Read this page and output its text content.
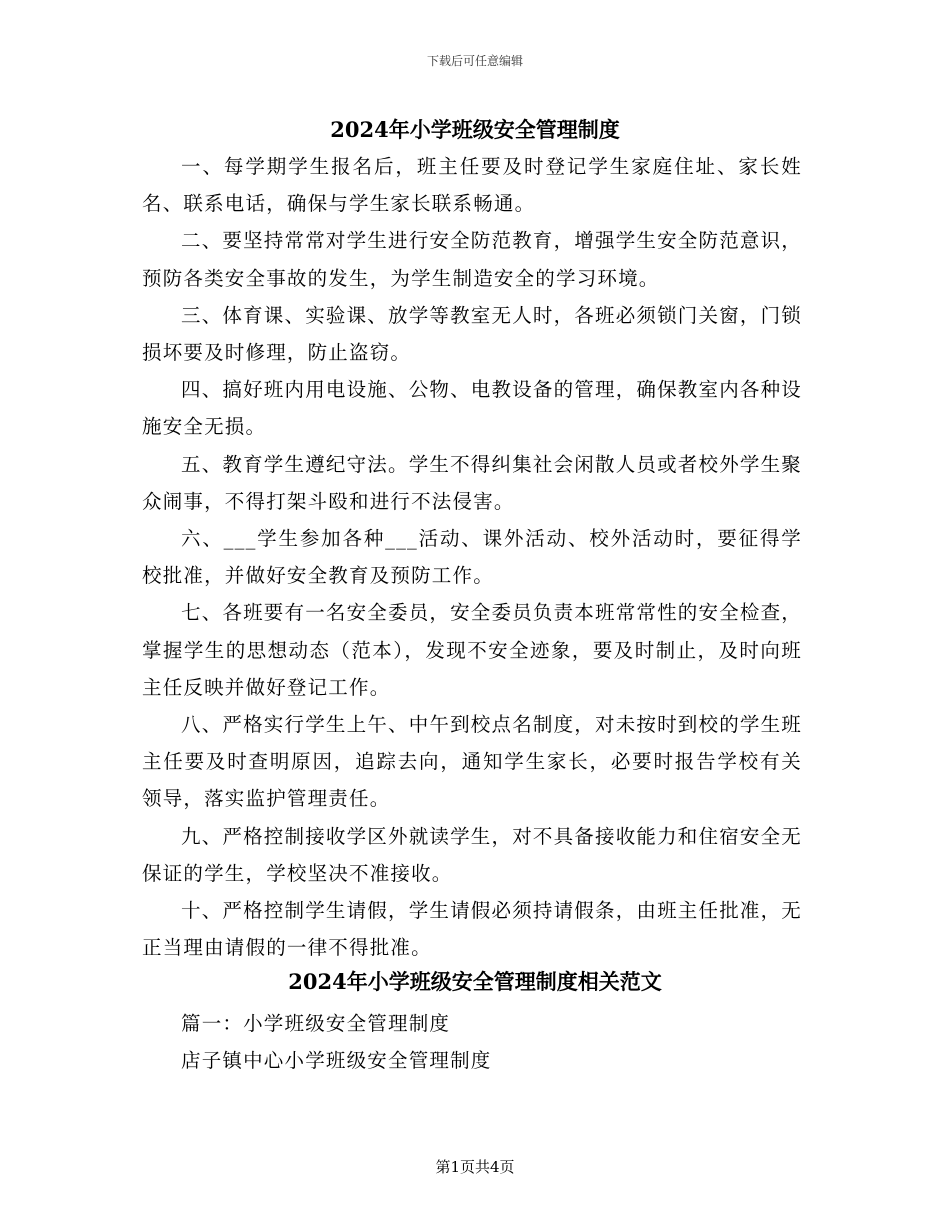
下载后可任意编辑
2024年小学班级安全管理制度

一、每学期学生报名后，班主任要及时登记学生家庭住址、家长姓名、联系电话，确保与学生家长联系畅通。

二、要坚持常常对学生进行安全防范教育，增强学生安全防范意识，预防各类安全事故的发生，为学生制造安全的学习环境。

三、体育课、实验课、放学等教室无人时，各班必须锁门关窗，门锁损坏要及时修理，防止盗窃。

四、搞好班内用电设施、公物、电教设备的管理，确保教室内各种设施安全无损。

五、教育学生遵纪守法。学生不得纠集社会闲散人员或者校外学生聚众闹事，不得打架斗殴和进行不法侵害。

六、___学生参加各种___活动、课外活动、校外活动时，要征得学校批准，并做好安全教育及预防工作。

七、各班要有一名安全委员，安全委员负责本班常常性的安全检查，掌握学生的思想动态（范本），发现不安全迹象，要及时制止，及时向班主任反映并做好登记工作。

八、严格实行学生上午、中午到校点名制度，对未按时到校的学生班主任要及时查明原因，追踪去向，通知学生家长，必要时报告学校有关领导，落实监护管理责任。

九、严格控制接收学区外就读学生，对不具备接收能力和住宿安全无保证的学生，学校坚决不准接收。

十、严格控制学生请假，学生请假必须持请假条，由班主任批准，无正当理由请假的一律不得批准。

2024年小学班级安全管理制度相关范文

篇一：小学班级安全管理制度

店子镇中心小学班级安全管理制度

第1页共4页
